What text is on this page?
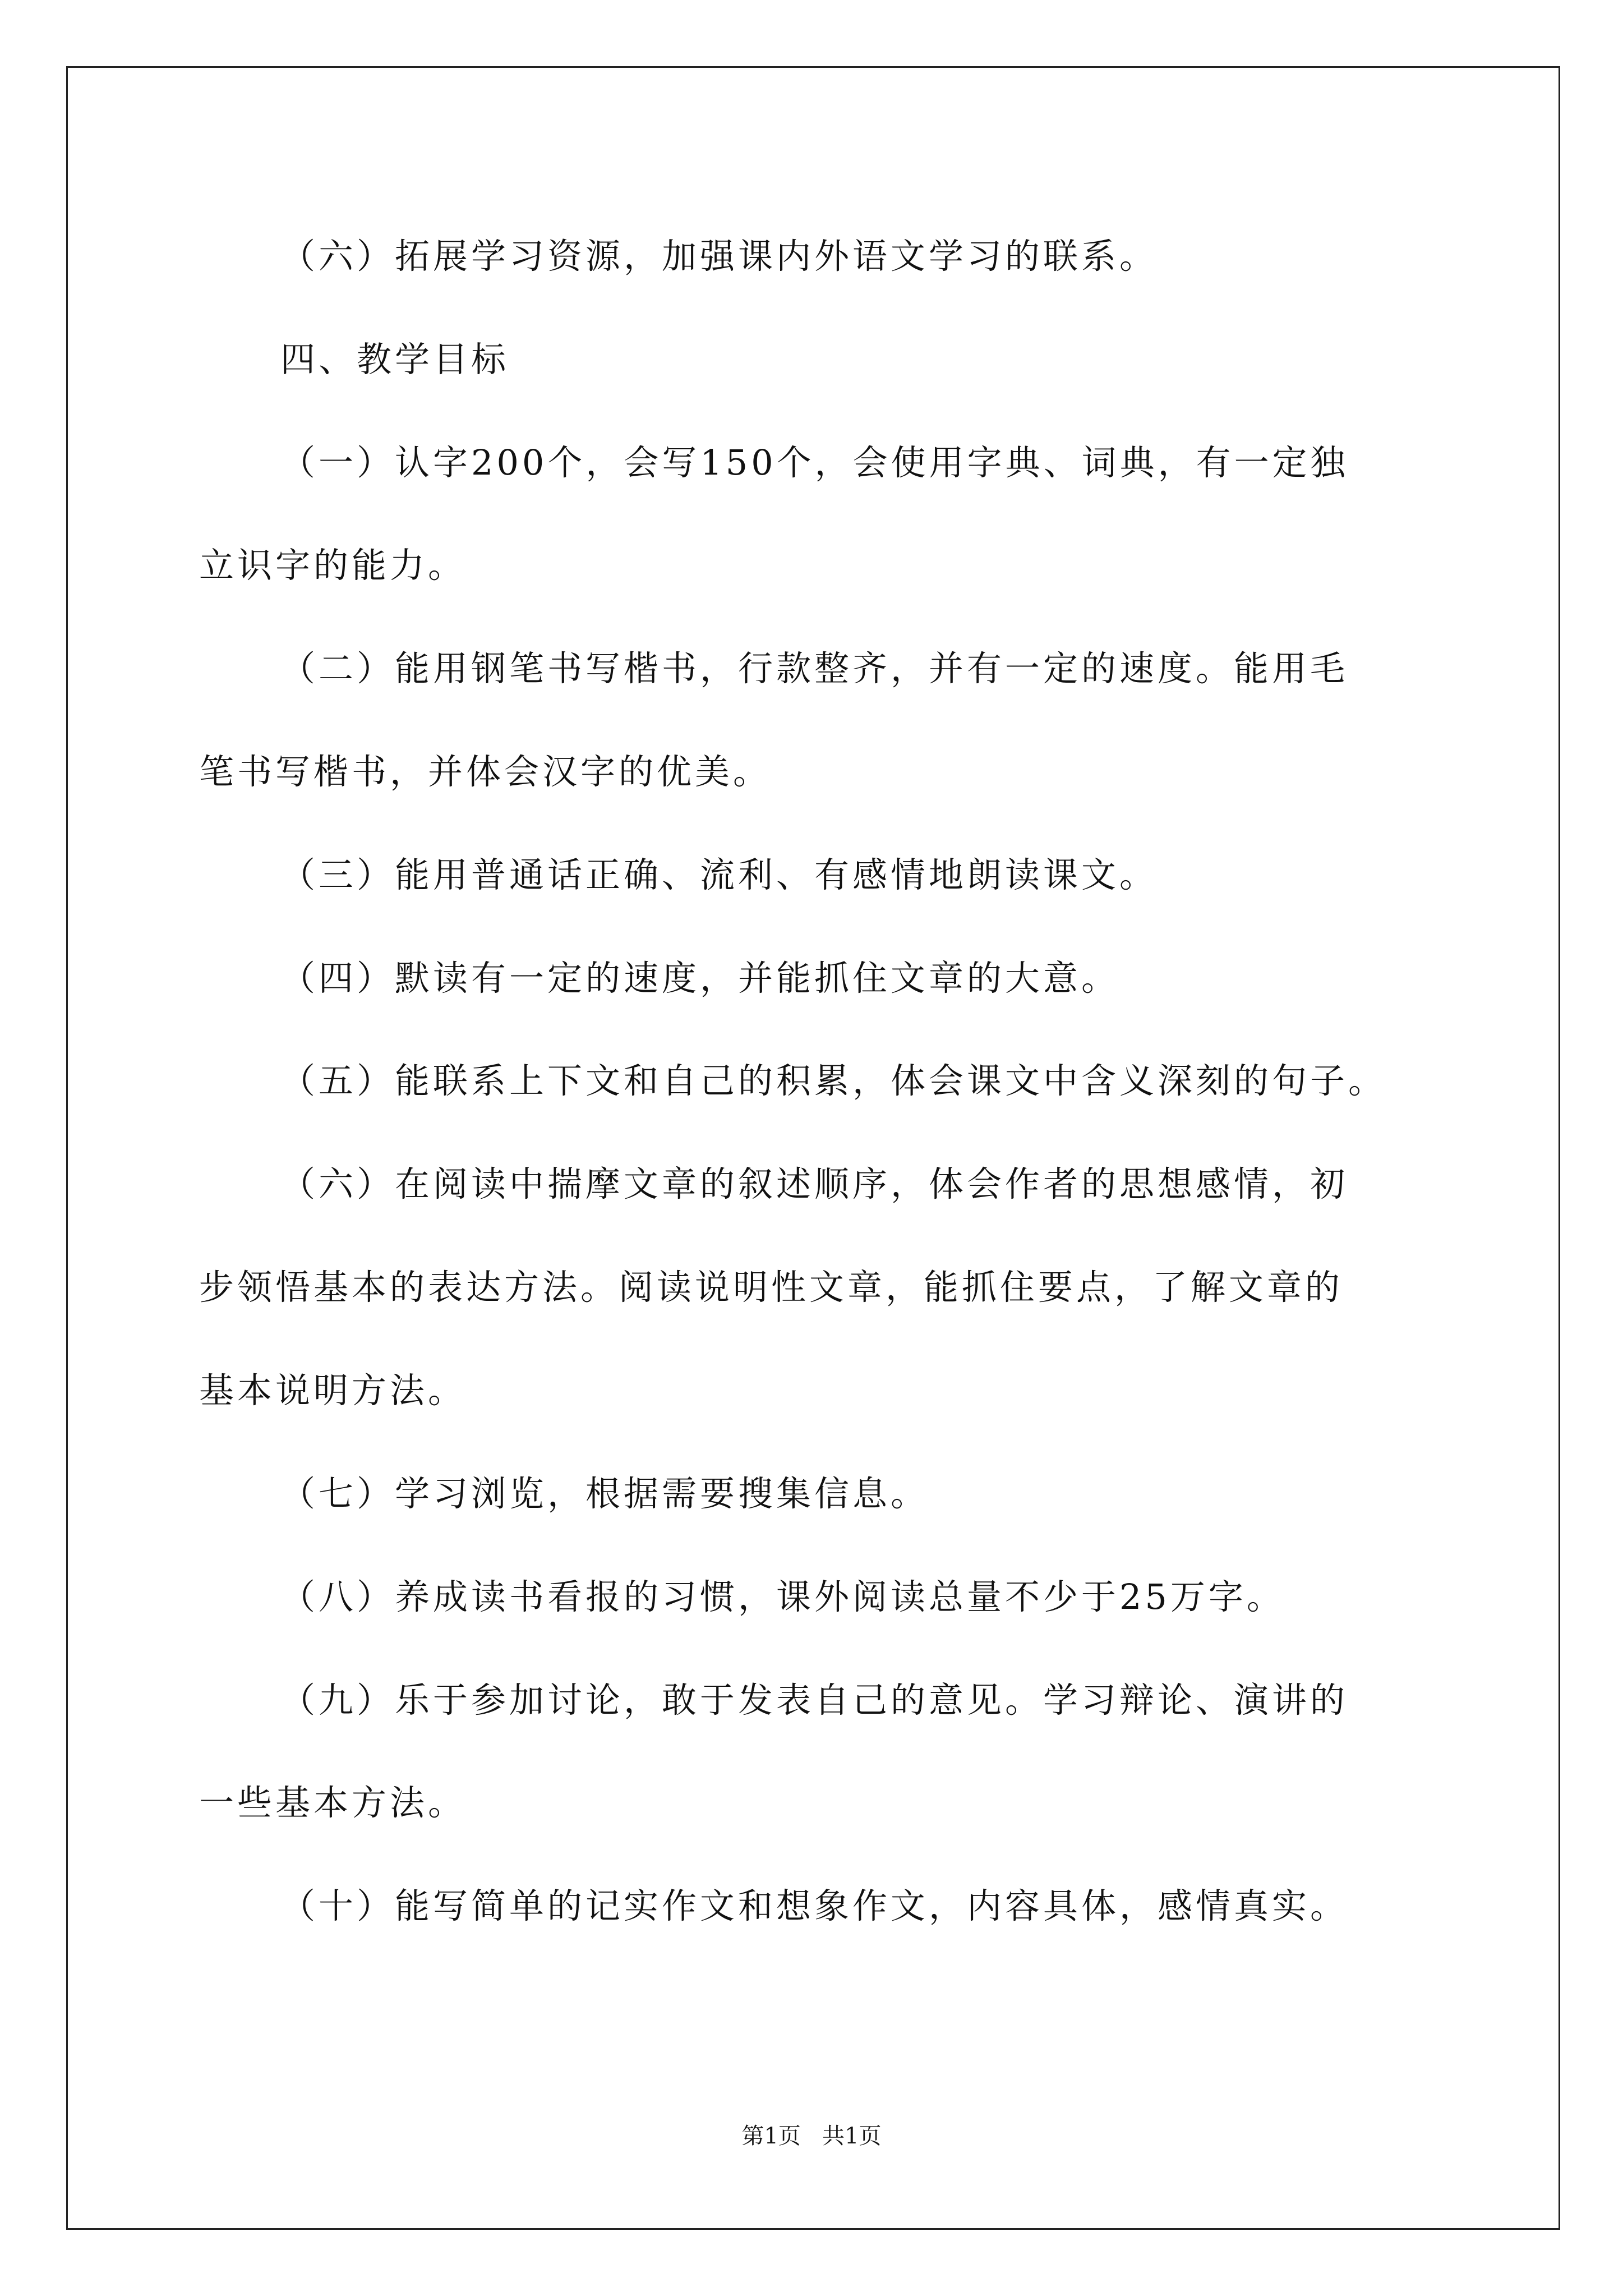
（六）拓展学习资源，加强课内外语文学习的联系。
四、教学目标
（一）认字200个，会写150个，会使用字典、词典，有一定独
立识字的能力。
（二）能用钢笔书写楷书，行款整齐，并有一定的速度。能用毛
笔书写楷书，并体会汉字的优美。
（三）能用普通话正确、流利、有感情地朗读课文。
（四）默读有一定的速度，并能抓住文章的大意。
（五）能联系上下文和自己的积累，体会课文中含义深刻的句子。
（六）在阅读中揣摩文章的叙述顺序，体会作者的思想感情，初
步领悟基本的表达方法。阅读说明性文章，能抓住要点，了解文章的
基本说明方法。
（七）学习浏览，根据需要搜集信息。
（八）养成读书看报的习惯，课外阅读总量不少于25万字。
（九）乐于参加讨论，敢于发表自己的意见。学习辩论、演讲的
一些基本方法。
（十）能写简单的记实作文和想象作文，内容具体，感情真实。
第1页   共1页
